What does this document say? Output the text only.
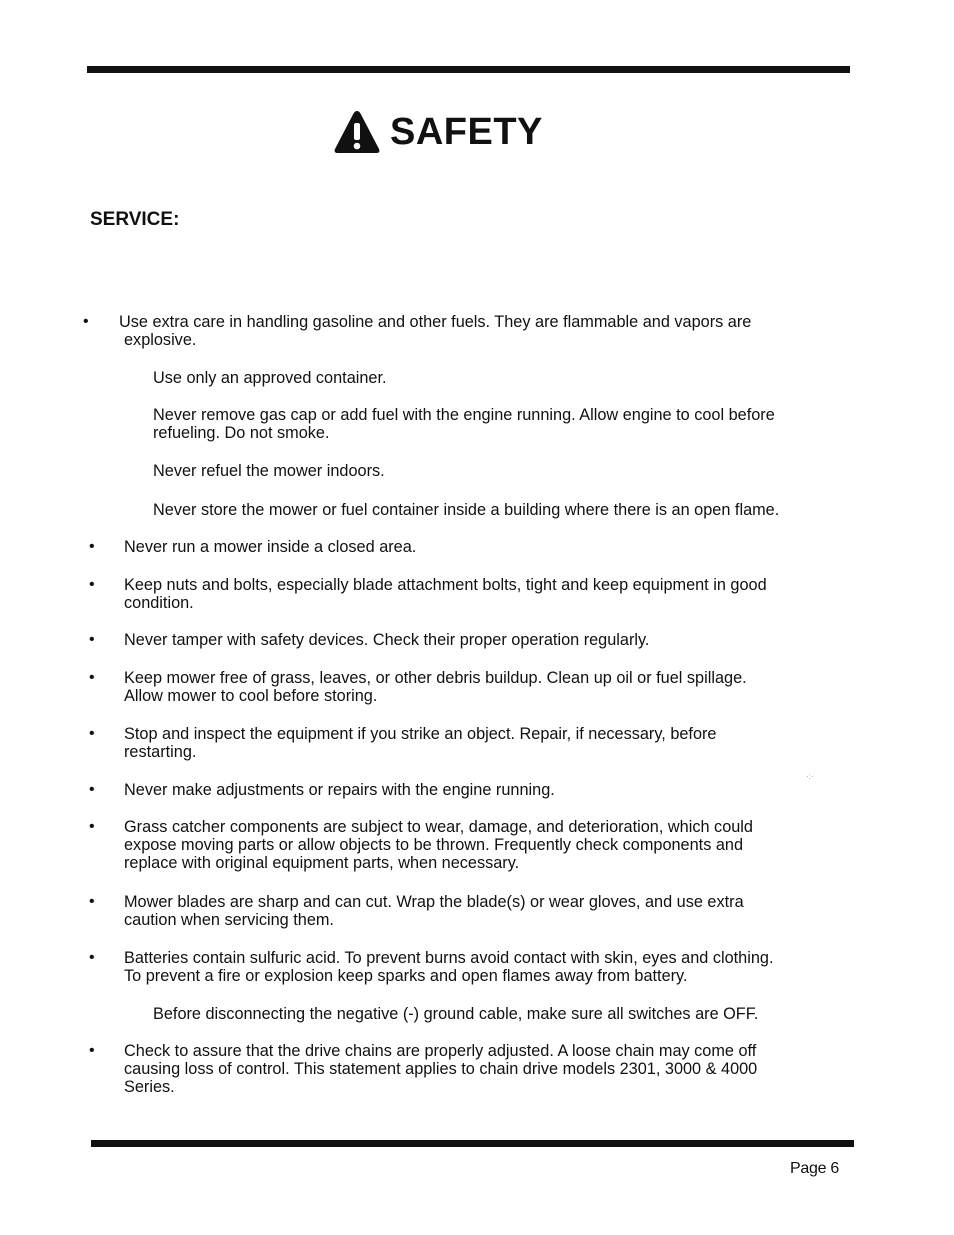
SAFETY
SERVICE:
• Use extra care in handling gasoline and other fuels. They are flammable and vapors are
explosive.
Use only an approved container.
Never remove gas cap or add fuel with the engine running. Allow engine to cool before
refueling. Do not smoke.
Never refuel the mower indoors.
Never store the mower or fuel container inside a building where there is an open flame.
• Never run a mower inside a closed area.
• Keep nuts and bolts, especially blade attachment bolts, tight and keep equipment in good
condition.
• Never tamper with safety devices. Check their proper operation regularly.
• Keep mower free of grass, leaves, or other debris buildup. Clean up oil or fuel spillage.
Allow mower to cool before storing.
• Stop and inspect the equipment if you strike an object. Repair, if necessary, before
restarting.
• Never make adjustments or repairs with the engine running.
• Grass catcher components are subject to wear, damage, and deterioration, which could
expose moving parts or allow objects to be thrown. Frequently check components and
replace with original equipment parts, when necessary.
• Mower blades are sharp and can cut. Wrap the blade(s) or wear gloves, and use extra
caution when servicing them.
• Batteries contain sulfuric acid. To prevent burns avoid contact with skin, eyes and clothing.
To prevent a fire or explosion keep sparks and open flames away from battery.
Before disconnecting the negative (-) ground cable, make sure all switches are OFF.
• Check to assure that the drive chains are properly adjusted. A loose chain may come off
causing loss of control. This statement applies to chain drive models 2301, 3000 & 4000
Series.
·:·
Page 6
